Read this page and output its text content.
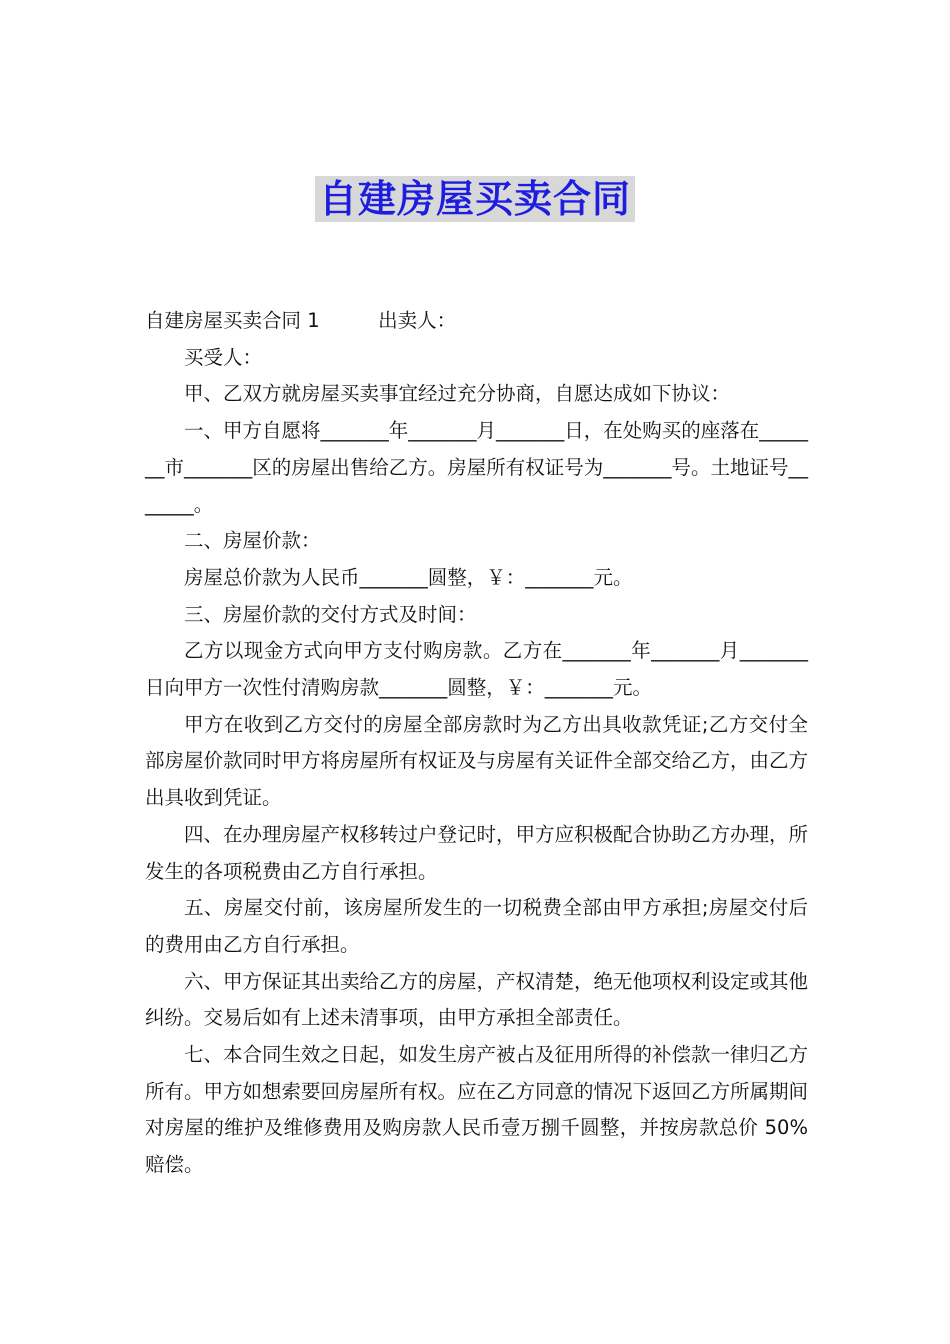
自建房屋买卖合同

自建房屋买卖合同 1	出卖人：

买受人：

甲、乙双方就房屋买卖事宜经过充分协商，自愿达成如下协议：

一、甲方自愿将_______年_______月_______日，在处购买的座落在_______市_______区的房屋出售给乙方。房屋所有权证号为_______号。土地证号_______。

二、房屋价款：

房屋总价款为人民币_______圆整，￥：_______元。

三、房屋价款的交付方式及时间：

乙方以现金方式向甲方支付购房款。乙方在_______年_______月_______日向甲方一次性付清购房款_______圆整，￥：_______元。

甲方在收到乙方交付的房屋全部房款时为乙方出具收款凭证;乙方交付全部房屋价款同时甲方将房屋所有权证及与房屋有关证件全部交给乙方，由乙方出具收到凭证。

四、在办理房屋产权移转过户登记时，甲方应积极配合协助乙方办理，所发生的各项税费由乙方自行承担。

五、房屋交付前，该房屋所发生的一切税费全部由甲方承担;房屋交付后的费用由乙方自行承担。

六、甲方保证其出卖给乙方的房屋，产权清楚，绝无他项权利设定或其他纠纷。交易后如有上述未清事项，由甲方承担全部责任。

七、本合同生效之日起，如发生房产被占及征用所得的补偿款一律归乙方所有。甲方如想索要回房屋所有权。应在乙方同意的情况下返回乙方所属期间对房屋的维护及维修费用及购房款人民币壹万捌千圆整，并按房款总价 50%赔偿。
